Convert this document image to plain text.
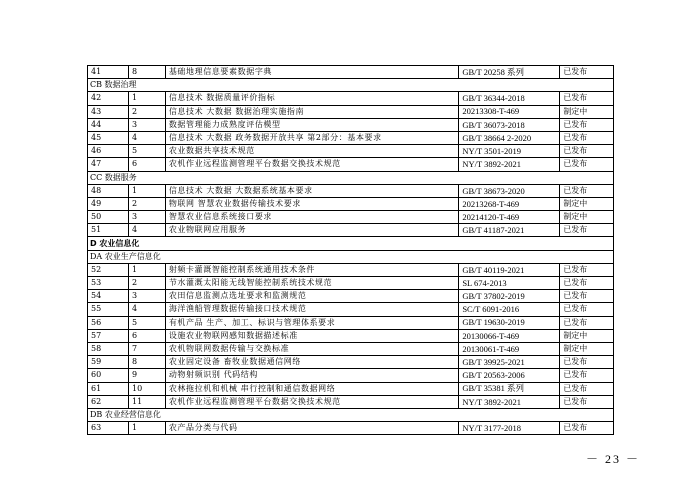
41	8	基础地理信息要素数据字典	GB/T 20258 系列	已发布
CB 数据治理				
42	1	信息技术 数据质量评价指标	GB/T 36344-2018	已发布
43	2	信息技术 大数据 数据治理实施指南	20213308-T-469	制定中
44	3	数据管理能力成熟度评估模型	GB/T 36073-2018	已发布
45	4	信息技术 大数据 政务数据开放共享 第2部分：基本要求	GB/T 38664 2-2020	已发布
46	5	农业数据共享技术规范	NY/T 3501-2019	已发布
47	6	农机作业远程监测管理平台数据交换技术规范	NY/T 3892-2021	已发布
CC 数据服务				
48	1	信息技术 大数据 大数据系统基本要求	GB/T 38673-2020	已发布
49	2	物联网 智慧农业数据传输技术要求	20213268-T-469	制定中
50	3	智慧农业信息系统接口要求	20214120-T-469	制定中
51	4	农业物联网应用服务	GB/T 41187-2021	已发布
D 农业信息化				
DA 农业生产信息化				
52	1	射频卡灌溉智能控制系统通用技术条件	GB/T 40119-2021	已发布
53	2	节水灌溉太阳能无线智能控制系统技术规范	SL 674-2013	已发布
54	3	农田信息监测点选址要求和监测规范	GB/T 37802-2019	已发布
55	4	海洋渔船管理数据传输接口技术规范	SC/T 6091-2016	已发布
56	5	有机产品 生产、加工、标识与管理体系要求	GB/T 19630-2019	已发布
57	6	设施农业物联网感知数据描述标准	20130066-T-469	制定中
58	7	农机物联网数据传输与交换标准	20130061-T-469	制定中
59	8	农业固定设备 畜牧业数据通信网络	GB/T 39925-2021	已发布
60	9	动物射频识别 代码结构	GB/T 20563-2006	已发布
61	10	农林拖拉机和机械 串行控制和通信数据网络	GB/T 35381 系列	已发布
62	11	农机作业远程监测管理平台数据交换技术规范	NY/T 3892-2021	已发布
DB 农业经营信息化				
63	1	农产品分类与代码	NY/T 3177-2018	已发布
－ 23 －
